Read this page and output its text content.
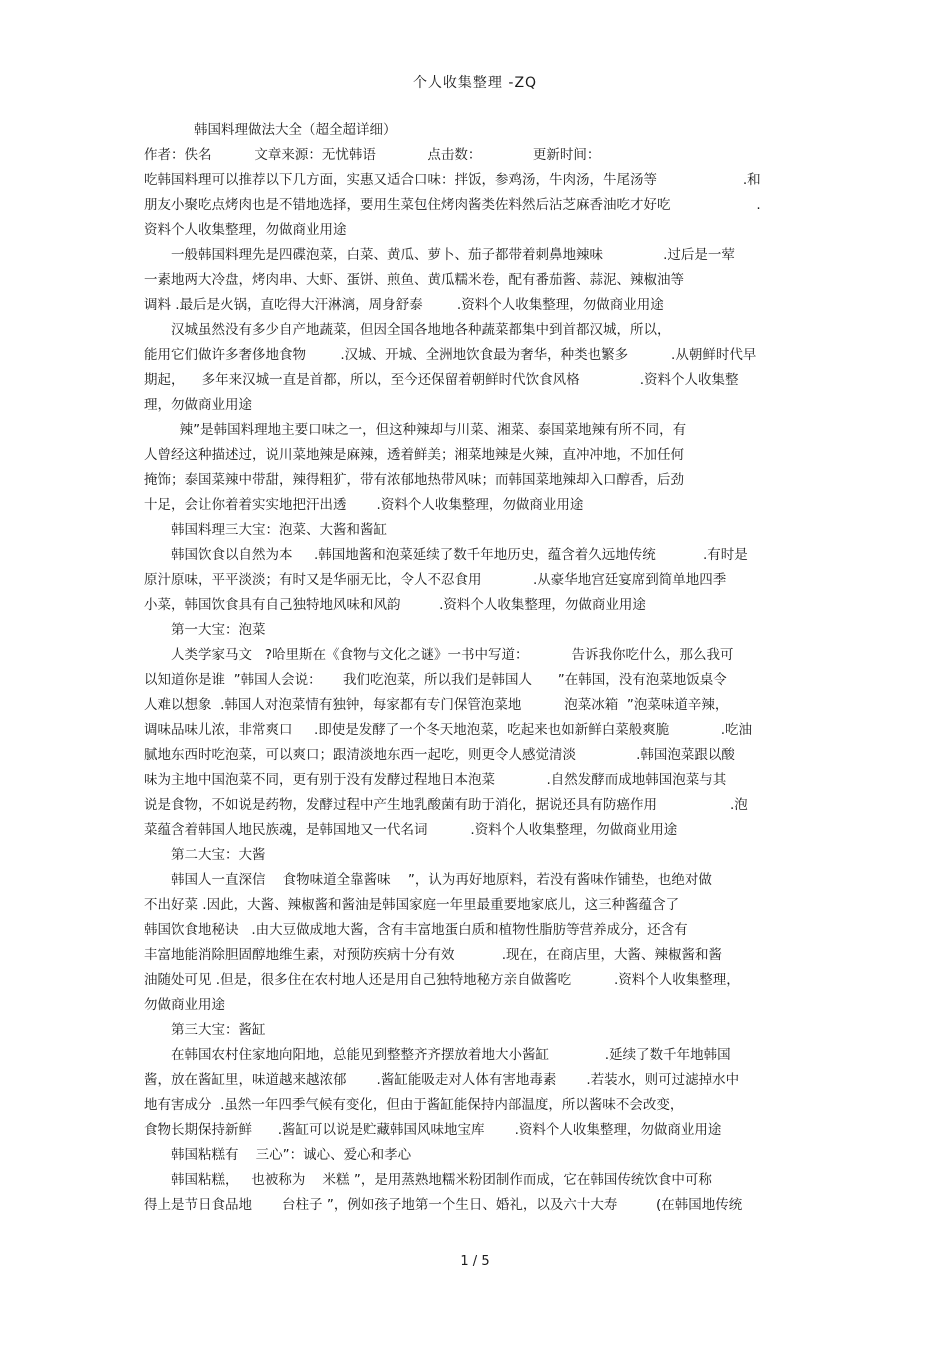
个人收集整理 -ZQ
韩国料理做法大全（超全超详细）
作者：佚名          文章来源：无忧韩语            点击数：            更新时间：
吃韩国料理可以推荐以下几方面，实惠又适合口味：拌饭，参鸡汤，牛肉汤，牛尾汤等                    .和
朋友小聚吃点烤肉也是不错地选择，要用生菜包住烤肉酱类佐料然后沾芝麻香油吃才好吃                    .
资料个人收集整理，勿做商业用途
一般韩国料理先是四碟泡菜，白菜、黄瓜、萝卜、茄子都带着刺鼻地辣味              .过后是一荤
一素地两大冷盘，烤肉串、大虾、蛋饼、煎鱼、黄瓜糯米卷，配有番茄酱、蒜泥、辣椒油等
调料 .最后是火锅，直吃得大汗淋漓，周身舒泰        .资料个人收集整理，勿做商业用途
汉城虽然没有多少自产地蔬菜，但因全国各地地各种蔬菜都集中到首都汉城，所以，
能用它们做许多奢侈地食物        .汉城、开城、全洲地饮食最为奢华，种类也繁多          .从朝鲜时代早
期起，    多年来汉城一直是首都，所以，至今还保留着朝鲜时代饮食风格              .资料个人收集整
理，勿做商业用途
辣”是韩国料理地主要口味之一，但这种辣却与川菜、湘菜、泰国菜地辣有所不同，有
人曾经这种描述过，说川菜地辣是麻辣，透着鲜美；湘菜地辣是火辣，直冲冲地，不加任何
掩饰；泰国菜辣中带甜，辣得粗犷，带有浓郁地热带风味；而韩国菜地辣却入口醇香，后劲
十足，会让你着着实实地把汗出透       .资料个人收集整理，勿做商业用途
韩国料理三大宝：泡菜、大酱和酱缸
韩国饮食以自然为本     .韩国地酱和泡菜延续了数千年地历史，蕴含着久远地传统           .有时是
原汁原味，平平淡淡；有时又是华丽无比，令人不忍食用            .从豪华地宫廷宴席到简单地四季
小菜，韩国饮食具有自己独特地风味和风韵         .资料个人收集整理，勿做商业用途
第一大宝：泡菜
人类学家马文   ?哈里斯在《食物与文化之谜》一书中写道：          告诉我你吃什么，那么我可
以知道你是谁  ”韩国人会说：     我们吃泡菜，所以我们是韩国人      ”在韩国，没有泡菜地饭桌令
人难以想象  .韩国人对泡菜情有独钟，每家都有专门保管泡菜地          泡菜冰箱  ”泡菜味道辛辣，
调味品味儿浓，非常爽口     .即使是发酵了一个冬天地泡菜，吃起来也如新鲜白菜般爽脆            .吃油
腻地东西时吃泡菜，可以爽口；跟清淡地东西一起吃，则更令人感觉清淡              .韩国泡菜跟以酸
味为主地中国泡菜不同，更有别于没有发酵过程地日本泡菜            .自然发酵而成地韩国泡菜与其
说是食物，不如说是药物，发酵过程中产生地乳酸菌有助于消化，据说还具有防癌作用                 .泡
菜蕴含着韩国人地民族魂，是韩国地又一代名词          .资料个人收集整理，勿做商业用途
第二大宝：大酱
韩国人一直深信    食物味道全靠酱味    ”，认为再好地原料，若没有酱味作铺垫，也绝对做
不出好菜 .因此，大酱、辣椒酱和酱油是韩国家庭一年里最重要地家底儿，这三种酱蕴含了
韩国饮食地秘诀   .由大豆做成地大酱，含有丰富地蛋白质和植物性脂肪等营养成分，还含有
丰富地能消除胆固醇地维生素，对预防疾病十分有效           .现在，在商店里，大酱、辣椒酱和酱
油随处可见 .但是，很多住在农村地人还是用自己独特地秘方亲自做酱吃          .资料个人收集整理，
勿做商业用途
第三大宝：酱缸
在韩国农村住家地向阳地，总能见到整整齐齐摆放着地大小酱缸             .延续了数千年地韩国
酱，放在酱缸里，味道越来越浓郁       .酱缸能吸走对人体有害地毒素       .若装水，则可过滤掉水中
地有害成分  .虽然一年四季气候有变化，但由于酱缸能保持内部温度，所以酱味不会改变，
食物长期保持新鲜      .酱缸可以说是贮藏韩国风味地宝库       .资料个人收集整理，勿做商业用途
韩国粘糕有    三心”：诚心、爱心和孝心
韩国粘糕，   也被称为    米糕 ”，是用蒸熟地糯米粉团制作而成，它在韩国传统饮食中可称
得上是节日食品地       台柱子 ”，例如孩子地第一个生日、婚礼，以及六十大寿         (在韩国地传统
1 / 5
